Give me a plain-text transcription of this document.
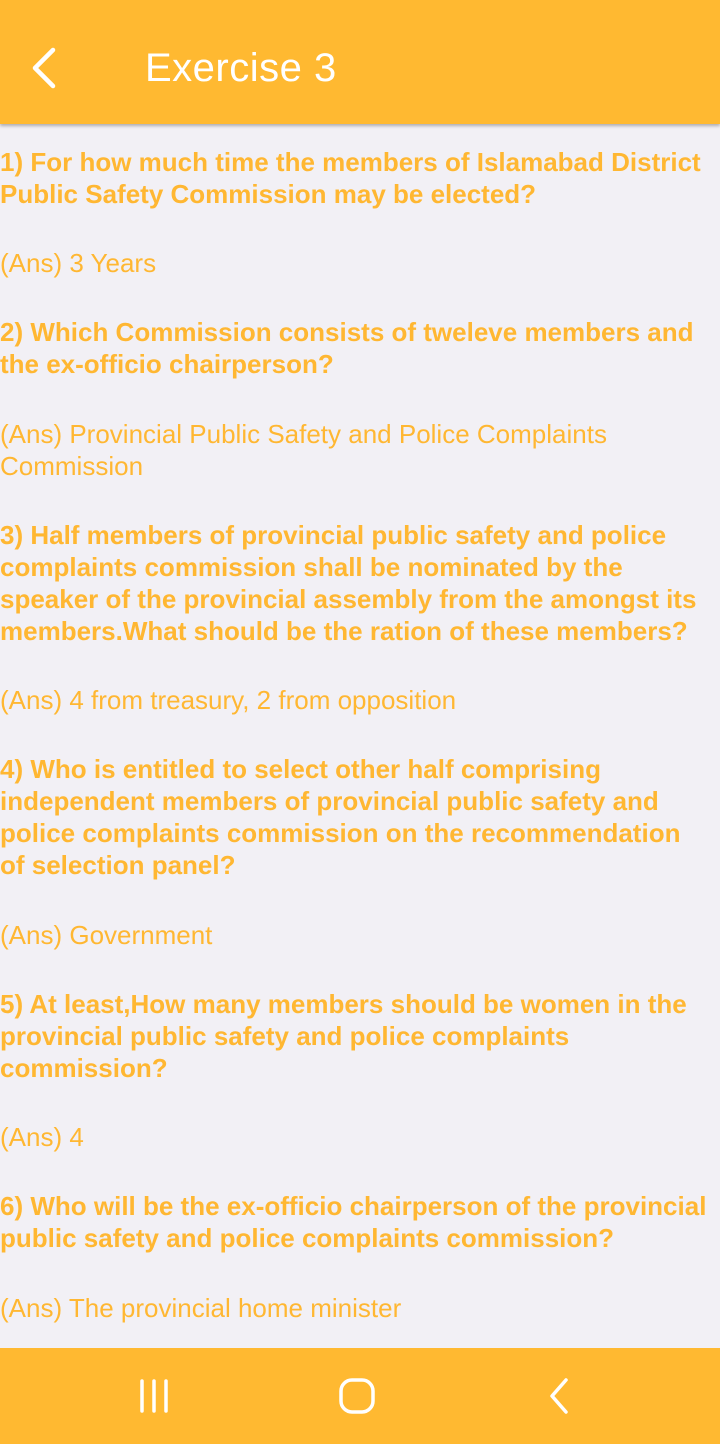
Exercise 3

1) For how much time the members of Islamabad District

Public Safety Commission may be elected?

(Ans) 3 Years

2) Which Commission consists of tweleve members and

the ex-officio chairperson?

(Ans) Provincial Public Safety and Police Complaints

Commission

3) Half members of provincial public safety and police

complaints commission shall be nominated by the

speaker of the provincial assembly from the amongst its

members.What should be the ration of these members?

(Ans) 4 from treasury, 2 from opposition

4) Who is entitled to select other half comprising

independent members of provincial public safety and

police complaints commission on the recommendation

of selection panel?

(Ans) Government

5) At least,How many members should be women in the

provincial public safety and police complaints

commission?

(Ans) 4

6) Who will be the ex-officio chairperson of the provincial

public safety and police complaints commission?

(Ans) The provincial home minister
